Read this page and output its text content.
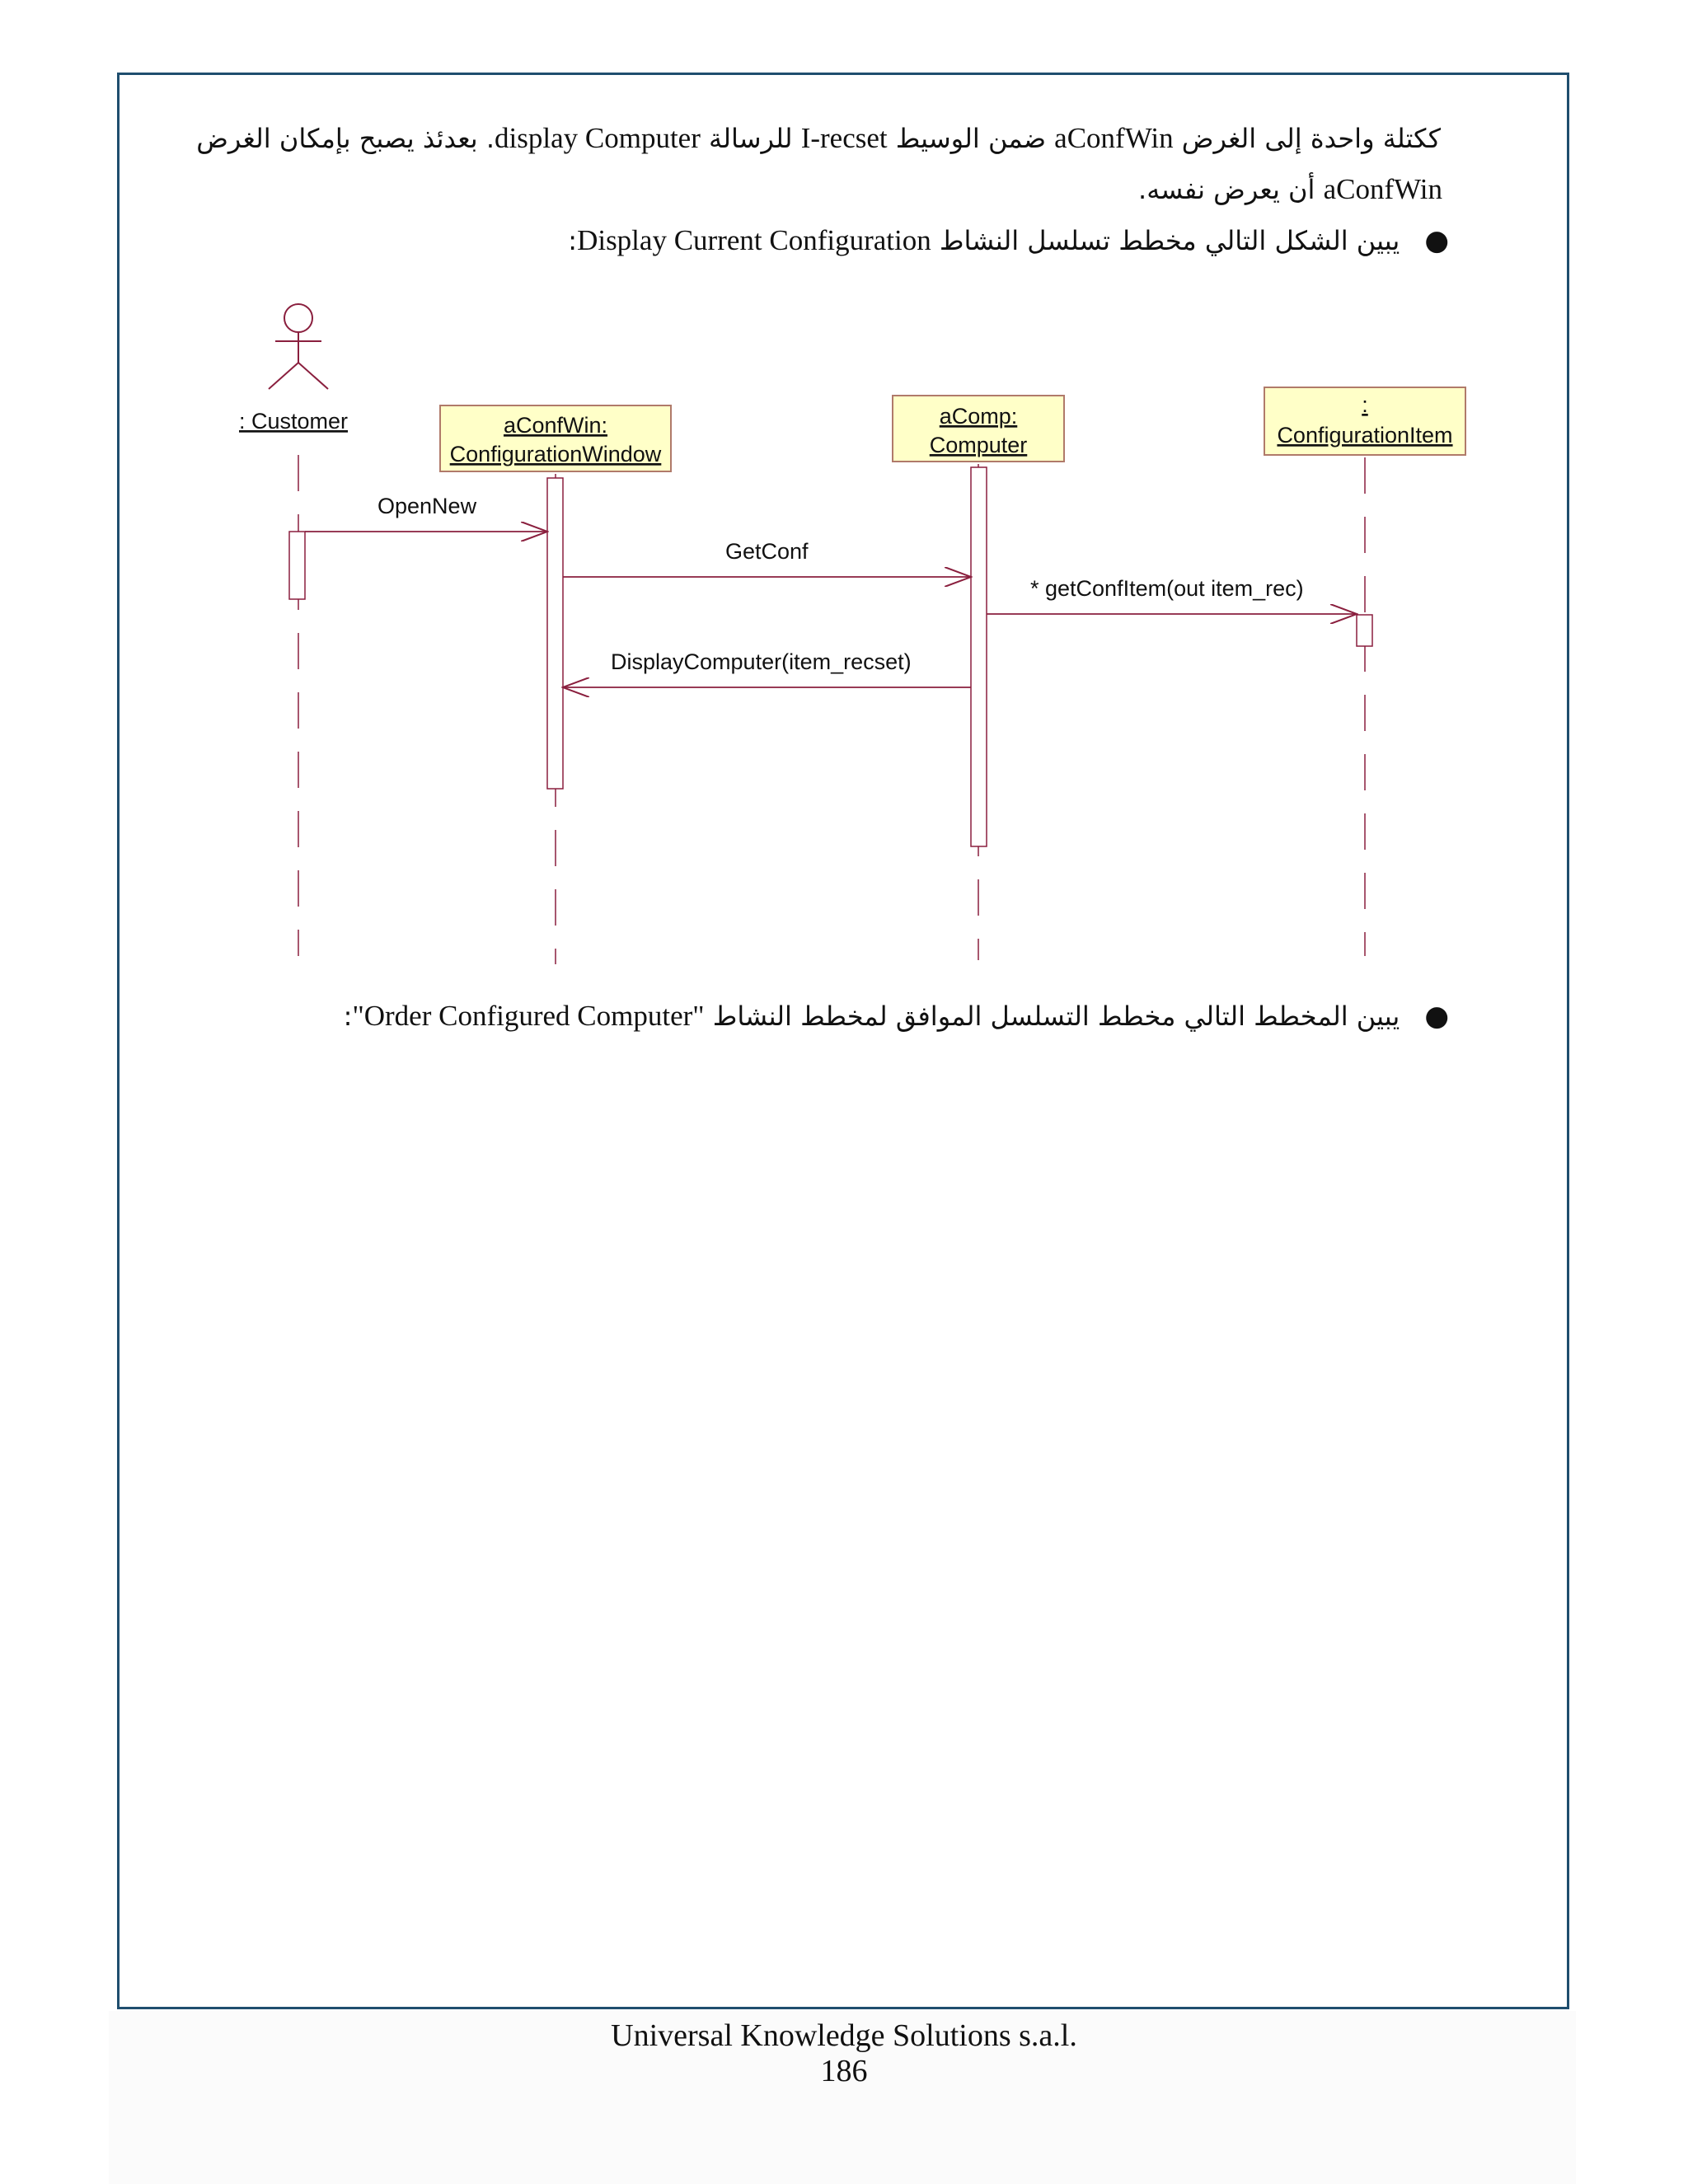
ككتلة واحدة إلى الغرض aConfWin ضمن الوسيط I-recset للرسالة display Computer. بعدئذ يصبح بإمكان الغرض
aConfWin أن يعرض نفسه.
●يبين الشكل التالي مخطط تسلسل النشاط Display Current Configuration:
: Customer	aConfWin:
ConfigurationWindow
aComp:
Computer
:
ConfigurationItem
OpenNew
GetConf
* getConfItem(out item_rec)
DisplayComputer(item_recset)
●يبين المخطط التالي مخطط التسلسل الموافق لمخطط النشاط "Order Configured Computer":
Universal Knowledge Solutions s.a.l.
186
